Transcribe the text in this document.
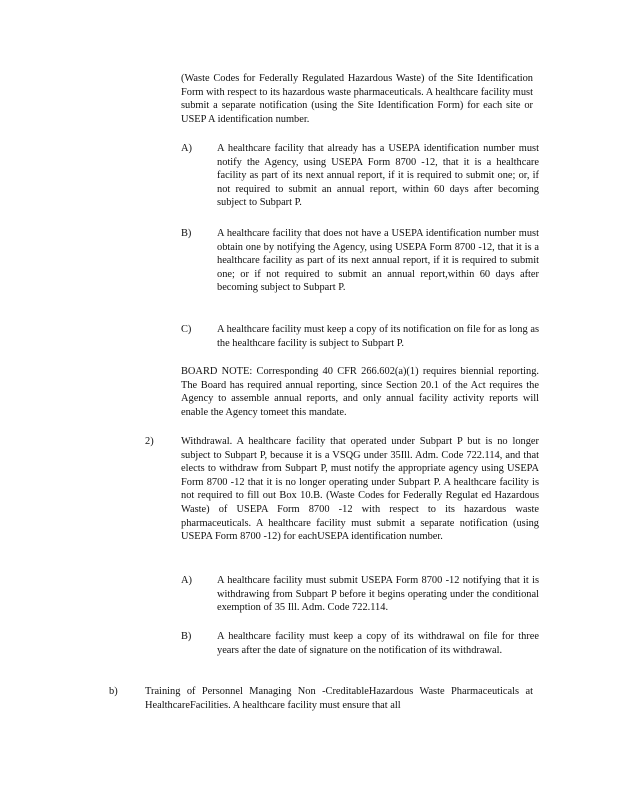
(Waste Codes for Federally Regulated Hazardous Waste) of the Site Identification Form with respect to its hazardous waste pharmaceuticals. A healthcare facility must submit a separate notification (using the Site Identification Form) for each site or USEP A identification number.

A) A healthcare facility that already has a USEPA identification number must notify the Agency, using USEPA Form 8700 -12, that it is a healthcare facility as part of its next annual report, if it is required to submit one; or, if not required to submit an annual report, within 60 days after becoming subject to Subpart P.

B) A healthcare facility that does not have a USEPA identification number must obtain one by notifying the Agency, using USEPA Form 8700 -12, that it is a healthcare facility as part of its next annual report, if it is required to submit one; or if not required to submit an annual report,within 60 days after becoming subject to Subpart P.

C) A healthcare facility must keep a copy of its notification on file for as long as the healthcare facility is subject to Subpart P.

BOARD NOTE: Corresponding 40 CFR 266.602(a)(1) requires biennial reporting. The Board has required annual reporting, since Section 20.1 of the Act requires the Agency to assemble annual reports, and only annual facility activity reports will enable the Agency tomeet this mandate.

2)	Withdrawal. A healthcare facility that operated under Subpart P but is no longer subject to Subpart P, because it is a VSQG under 35Ill. Adm. Code 722.114, and that elects to withdraw from Subpart P, must notify the appropriate agency using USEPA Form 8700 -12 that it is no longer operating under Subpart P. A healthcare facility is not required to fill out Box 10.B. (Waste Codes for Federally Regulat ed Hazardous Waste) of USEPA Form 8700 -12 with respect to its hazardous waste pharmaceuticals. A healthcare facility must submit a separate notification (using USEPA Form 8700 -12) for eachUSEPA identification number.

A) A healthcare facility must submit USEPA Form 8700 -12 notifying that it is withdrawing from Subpart P before it begins operating under the conditional exemption of 35 Ill. Adm. Code 722.114.

B) A healthcare facility must keep a copy of its withdrawal on file for three years after the date of signature on the notification of its withdrawal.

b)	Training of Personnel Managing Non -CreditableHazardous Waste Pharmaceuticals at HealthcareFacilities. A healthcare facility must ensure that all
